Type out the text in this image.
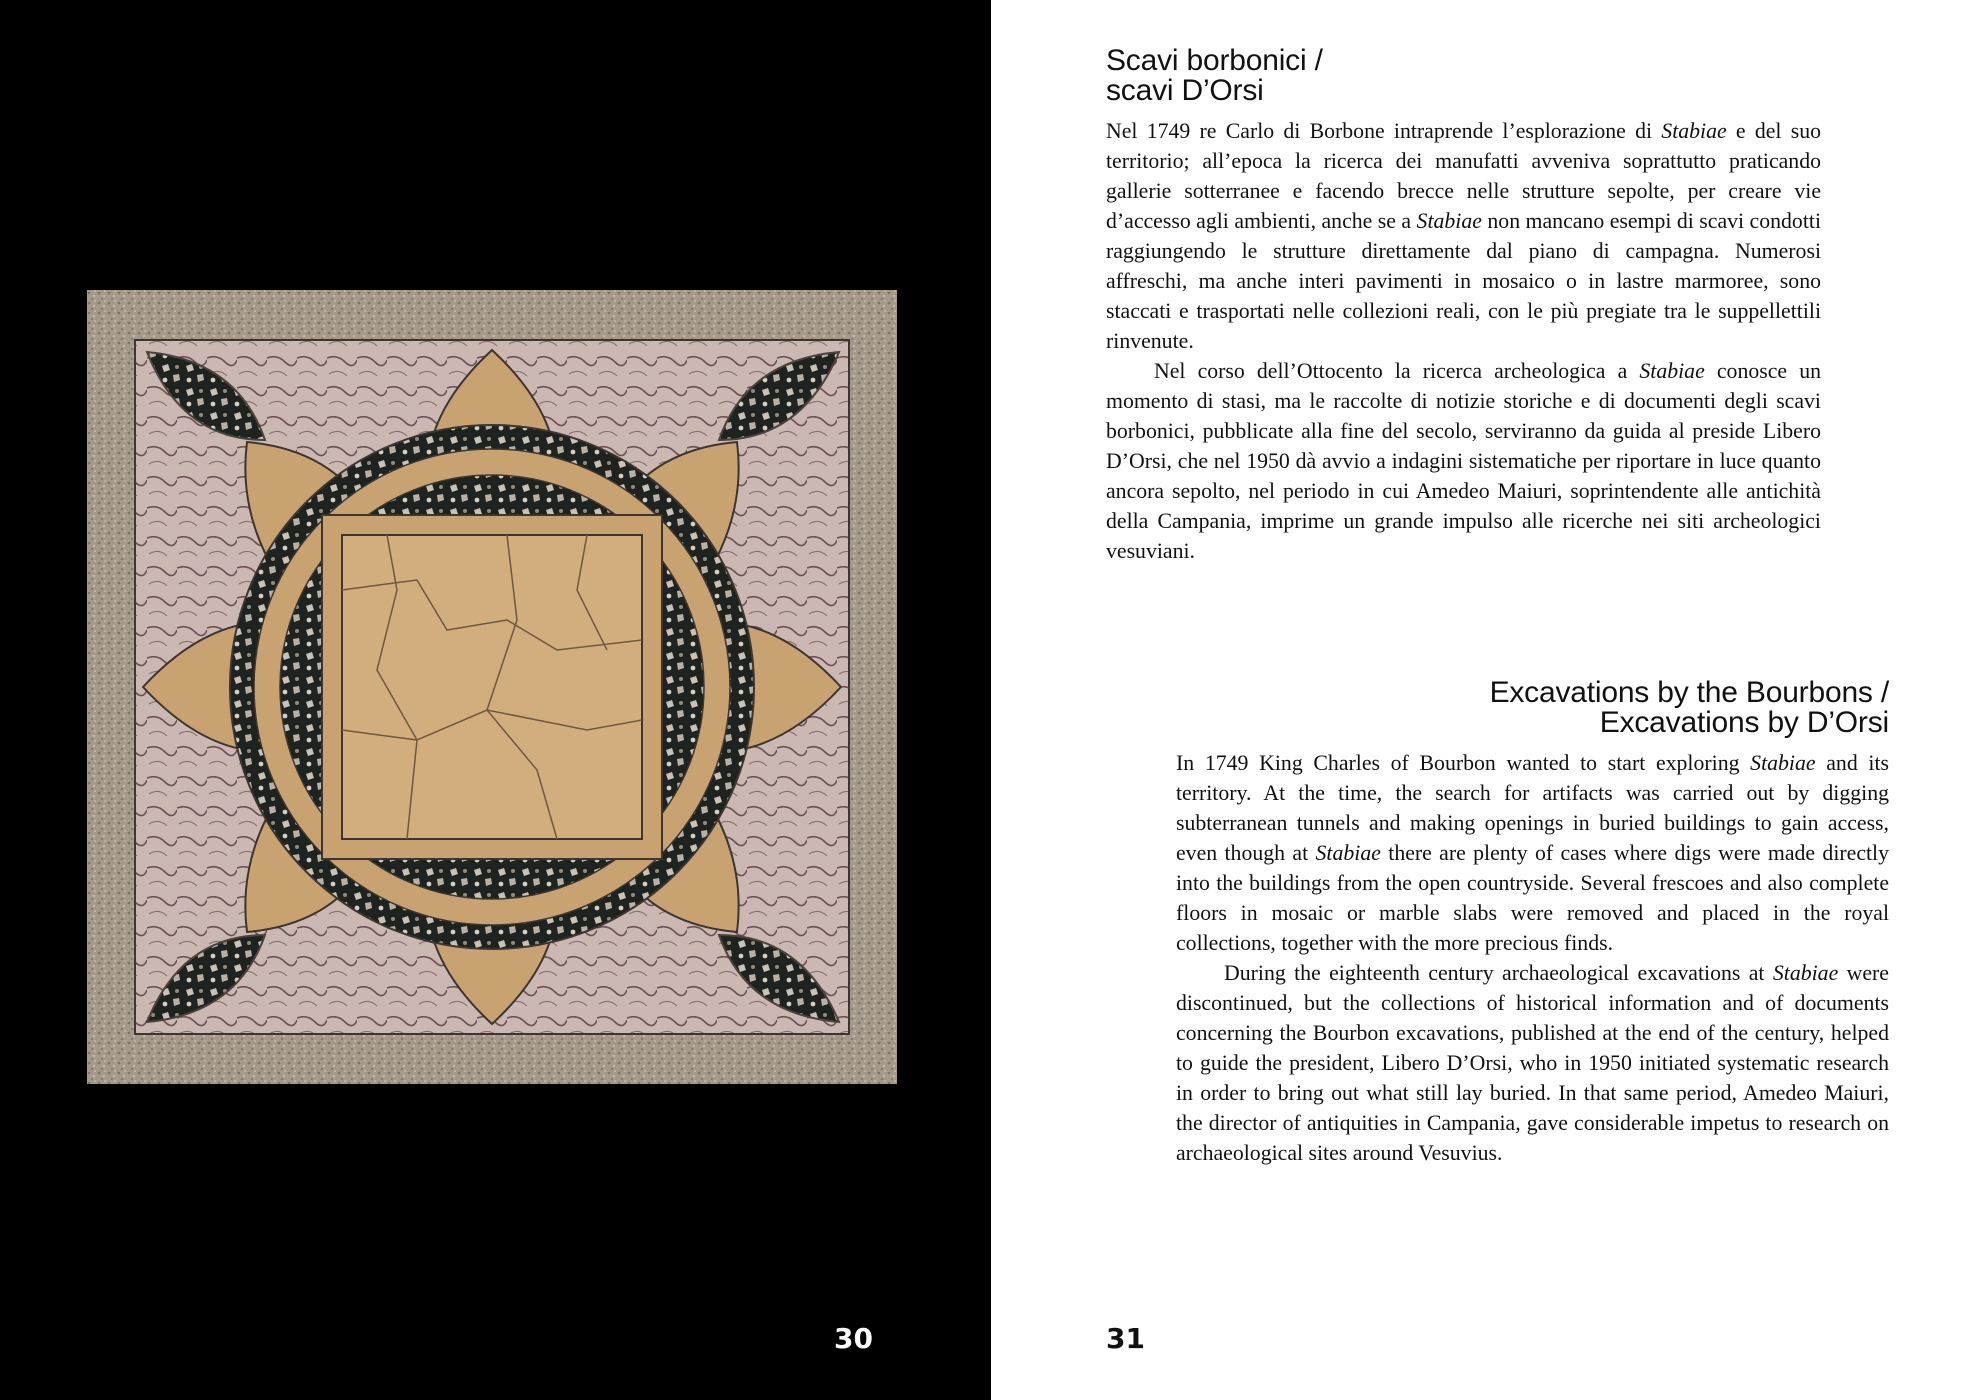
30

Scavi borbonici /
scavi D’Orsi

Nel 1749 re Carlo di Borbone intraprende l’esplorazione di Stabiae e del suo territorio; all’epoca la ricerca dei manufatti avveniva soprattutto praticando gallerie sotterranee e facendo brecce nelle strutture sepolte, per creare vie d’accesso agli ambienti, anche se a Stabiae non mancano esempi di scavi condotti raggiungendo le strutture direttamente dal piano di campagna. Numerosi affreschi, ma anche interi pavimenti in mosaico o in lastre marmoree, sono staccati e trasportati nelle collezioni reali, con le più pregiate tra le suppellettili rinvenute.

Nel corso dell’Ottocento la ricerca archeologica a Stabiae conosce un momento di stasi, ma le raccolte di notizie storiche e di documenti degli scavi borbonici, pubblicate alla fine del secolo, serviranno da guida al preside Libero D’Orsi, che nel 1950 dà avvio a indagini sistematiche per riportare in luce quanto ancora sepolto, nel periodo in cui Amedeo Maiuri, soprintendente alle antichità della Campania, imprime un grande impulso alle ricerche nei siti archeologici vesuviani.

Excavations by the Bourbons /
Excavations by D’Orsi

In 1749 King Charles of Bourbon wanted to start exploring Stabiae and its territory. At the time, the search for artifacts was carried out by digging subterranean tunnels and making openings in buried buildings to gain access, even though at Stabiae there are plenty of cases where digs were made directly into the buildings from the open countryside. Several frescoes and also complete floors in mosaic or marble slabs were removed and placed in the royal collections, together with the more precious finds.

During the eighteenth century archaeological excavations at Stabiae were discontinued, but the collections of historical information and of documents concerning the Bourbon excavations, published at the end of the century, helped to guide the president, Libero D’Orsi, who in 1950 initiated systematic research in order to bring out what still lay buried. In that same period, Amedeo Maiuri, the director of antiquities in Campania, gave considerable impetus to research on archaeological sites around Vesuvius.

31
